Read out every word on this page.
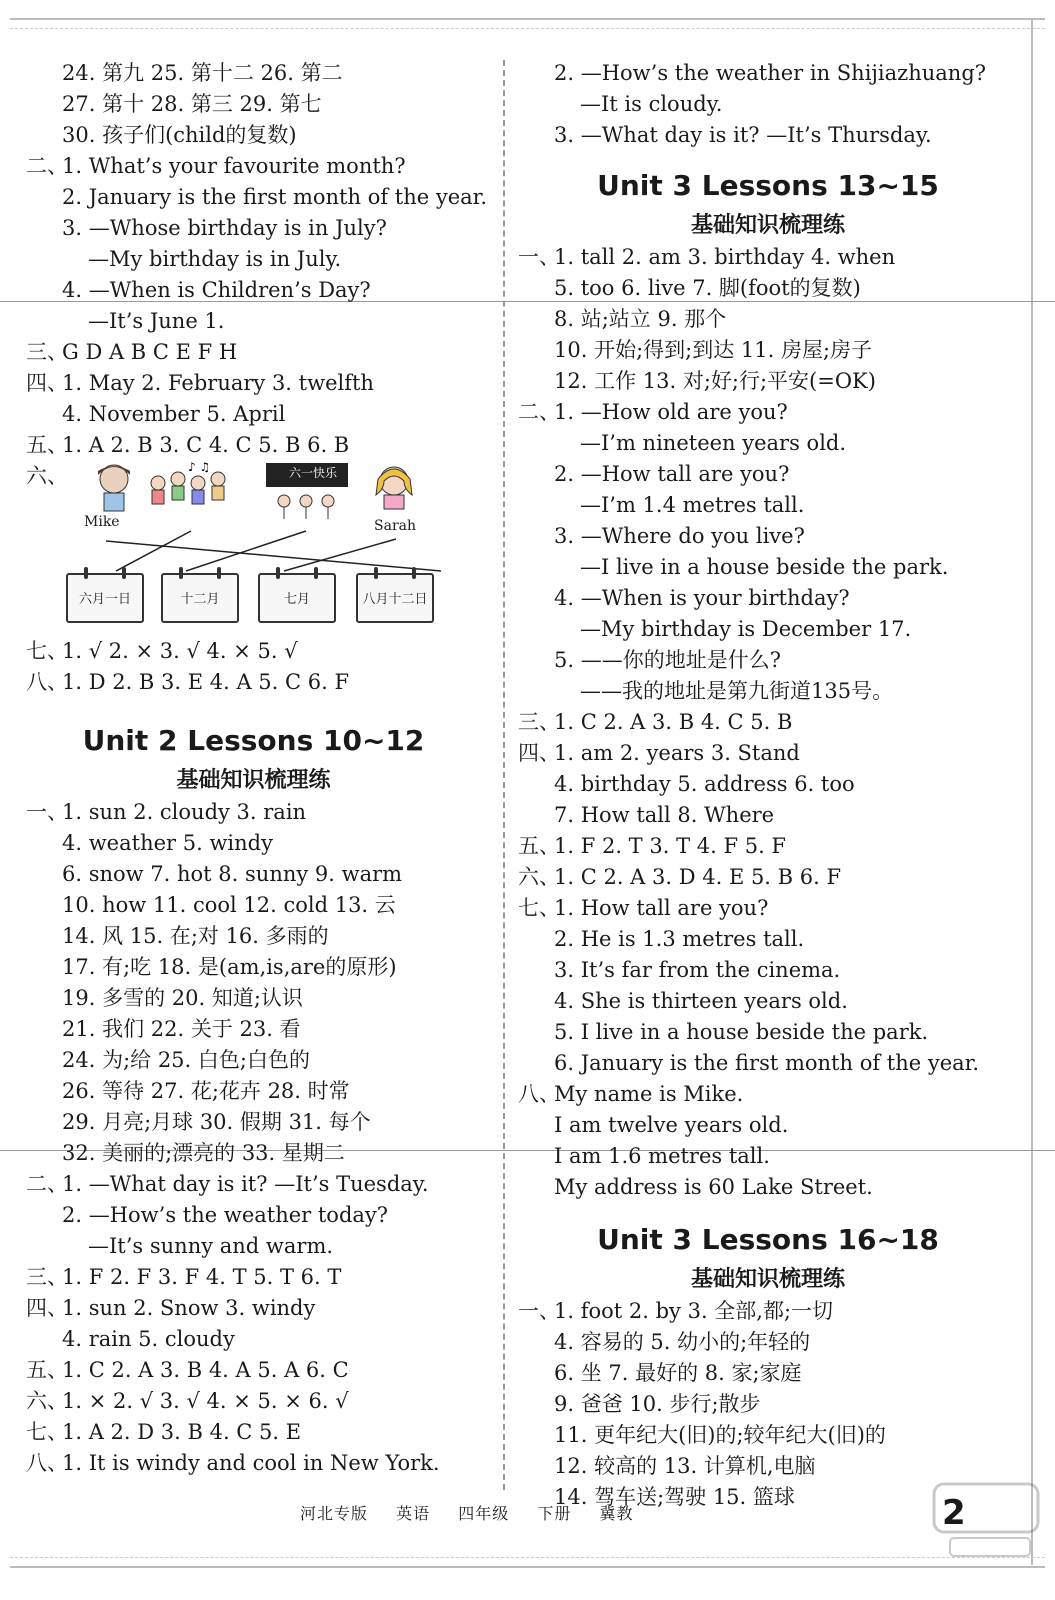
24. 第九 25. 第十二 26. 第二
27. 第十 28. 第三 29. 第七
30. 孩子们(child的复数)
二、
1. What’s your favourite month?
2. January is the first month of the year.
3. —Whose birthday is in July?
—My birthday is in July.
4. —When is Children’s Day?
—It’s June 1.
三、
G D A B C E F H
四、
1. May 2. February 3. twelfth
4. November 5. April
五、
1. A 2. B 3. C 4. C 5. B 6. B
六、	♪ ♫	六一快乐
Mike	Sarah
六月一日	十二月	七月	八月十二日
七、
1. √ 2. × 3. √ 4. × 5. √
八、
1. D 2. B 3. E 4. A 5. C 6. F
Unit 2 Lessons 10~12
基础知识梳理练
一、
1. sun 2. cloudy 3. rain
4. weather 5. windy
6. snow 7. hot 8. sunny 9. warm
10. how 11. cool 12. cold 13. 云
14. 风 15. 在;对 16. 多雨的
17. 有;吃 18. 是(am,is,are的原形)
19. 多雪的 20. 知道;认识
21. 我们 22. 关于 23. 看
24. 为;给 25. 白色;白色的
26. 等待 27. 花;花卉 28. 时常
29. 月亮;月球 30. 假期 31. 每个
32. 美丽的;漂亮的 33. 星期二
二、
1. —What day is it? —It’s Tuesday.
2. —How’s the weather today?
—It’s sunny and warm.
三、
1. F 2. F 3. F 4. T 5. T 6. T
四、
1. sun 2. Snow 3. windy
4. rain 5. cloudy
五、
1. C 2. A 3. B 4. A 5. A 6. C
六、
1. × 2. √ 3. √ 4. × 5. × 6. √
七、
1. A 2. D 3. B 4. C 5. E
八、
1. It is windy and cool in New York.
2. —How’s the weather in Shijiazhuang?
—It is cloudy.
3. —What day is it? —It’s Thursday.
Unit 3 Lessons 13~15
基础知识梳理练
一、
1. tall 2. am 3. birthday 4. when
5. too 6. live 7. 脚(foot的复数)
8. 站;站立 9. 那个
10. 开始;得到;到达 11. 房屋;房子
12. 工作 13. 对;好;行;平安(=OK)
二、
1. —How old are you?
—I’m nineteen years old.
2. —How tall are you?
—I’m 1.4 metres tall.
3. —Where do you live?
—I live in a house beside the park.
4. —When is your birthday?
—My birthday is December 17.
5. ——你的地址是什么?
——我的地址是第九街道135号。
三、
1. C 2. A 3. B 4. C 5. B
四、
1. am 2. years 3. Stand
4. birthday 5. address 6. too
7. How tall 8. Where
五、
1. F 2. T 3. T 4. F 5. F
六、
1. C 2. A 3. D 4. E 5. B 6. F
七、
1. How tall are you?
2. He is 1.3 metres tall.
3. It’s far from the cinema.
4. She is thirteen years old.
5. I live in a house beside the park.
6. January is the first month of the year.
八、
My name is Mike.
I am twelve years old.
I am 1.6 metres tall.
My address is 60 Lake Street.
Unit 3 Lessons 16~18
基础知识梳理练
一、
1. foot 2. by 3. 全部,都;一切
4. 容易的 5. 幼小的;年轻的
6. 坐 7. 最好的 8. 家;家庭
9. 爸爸 10. 步行;散步
11. 更年纪大(旧)的;较年纪大(旧)的
12. 较高的 13. 计算机,电脑
14. 驾车送;驾驶 15. 篮球
河北专版 英语 四年级 下册 冀教	2
